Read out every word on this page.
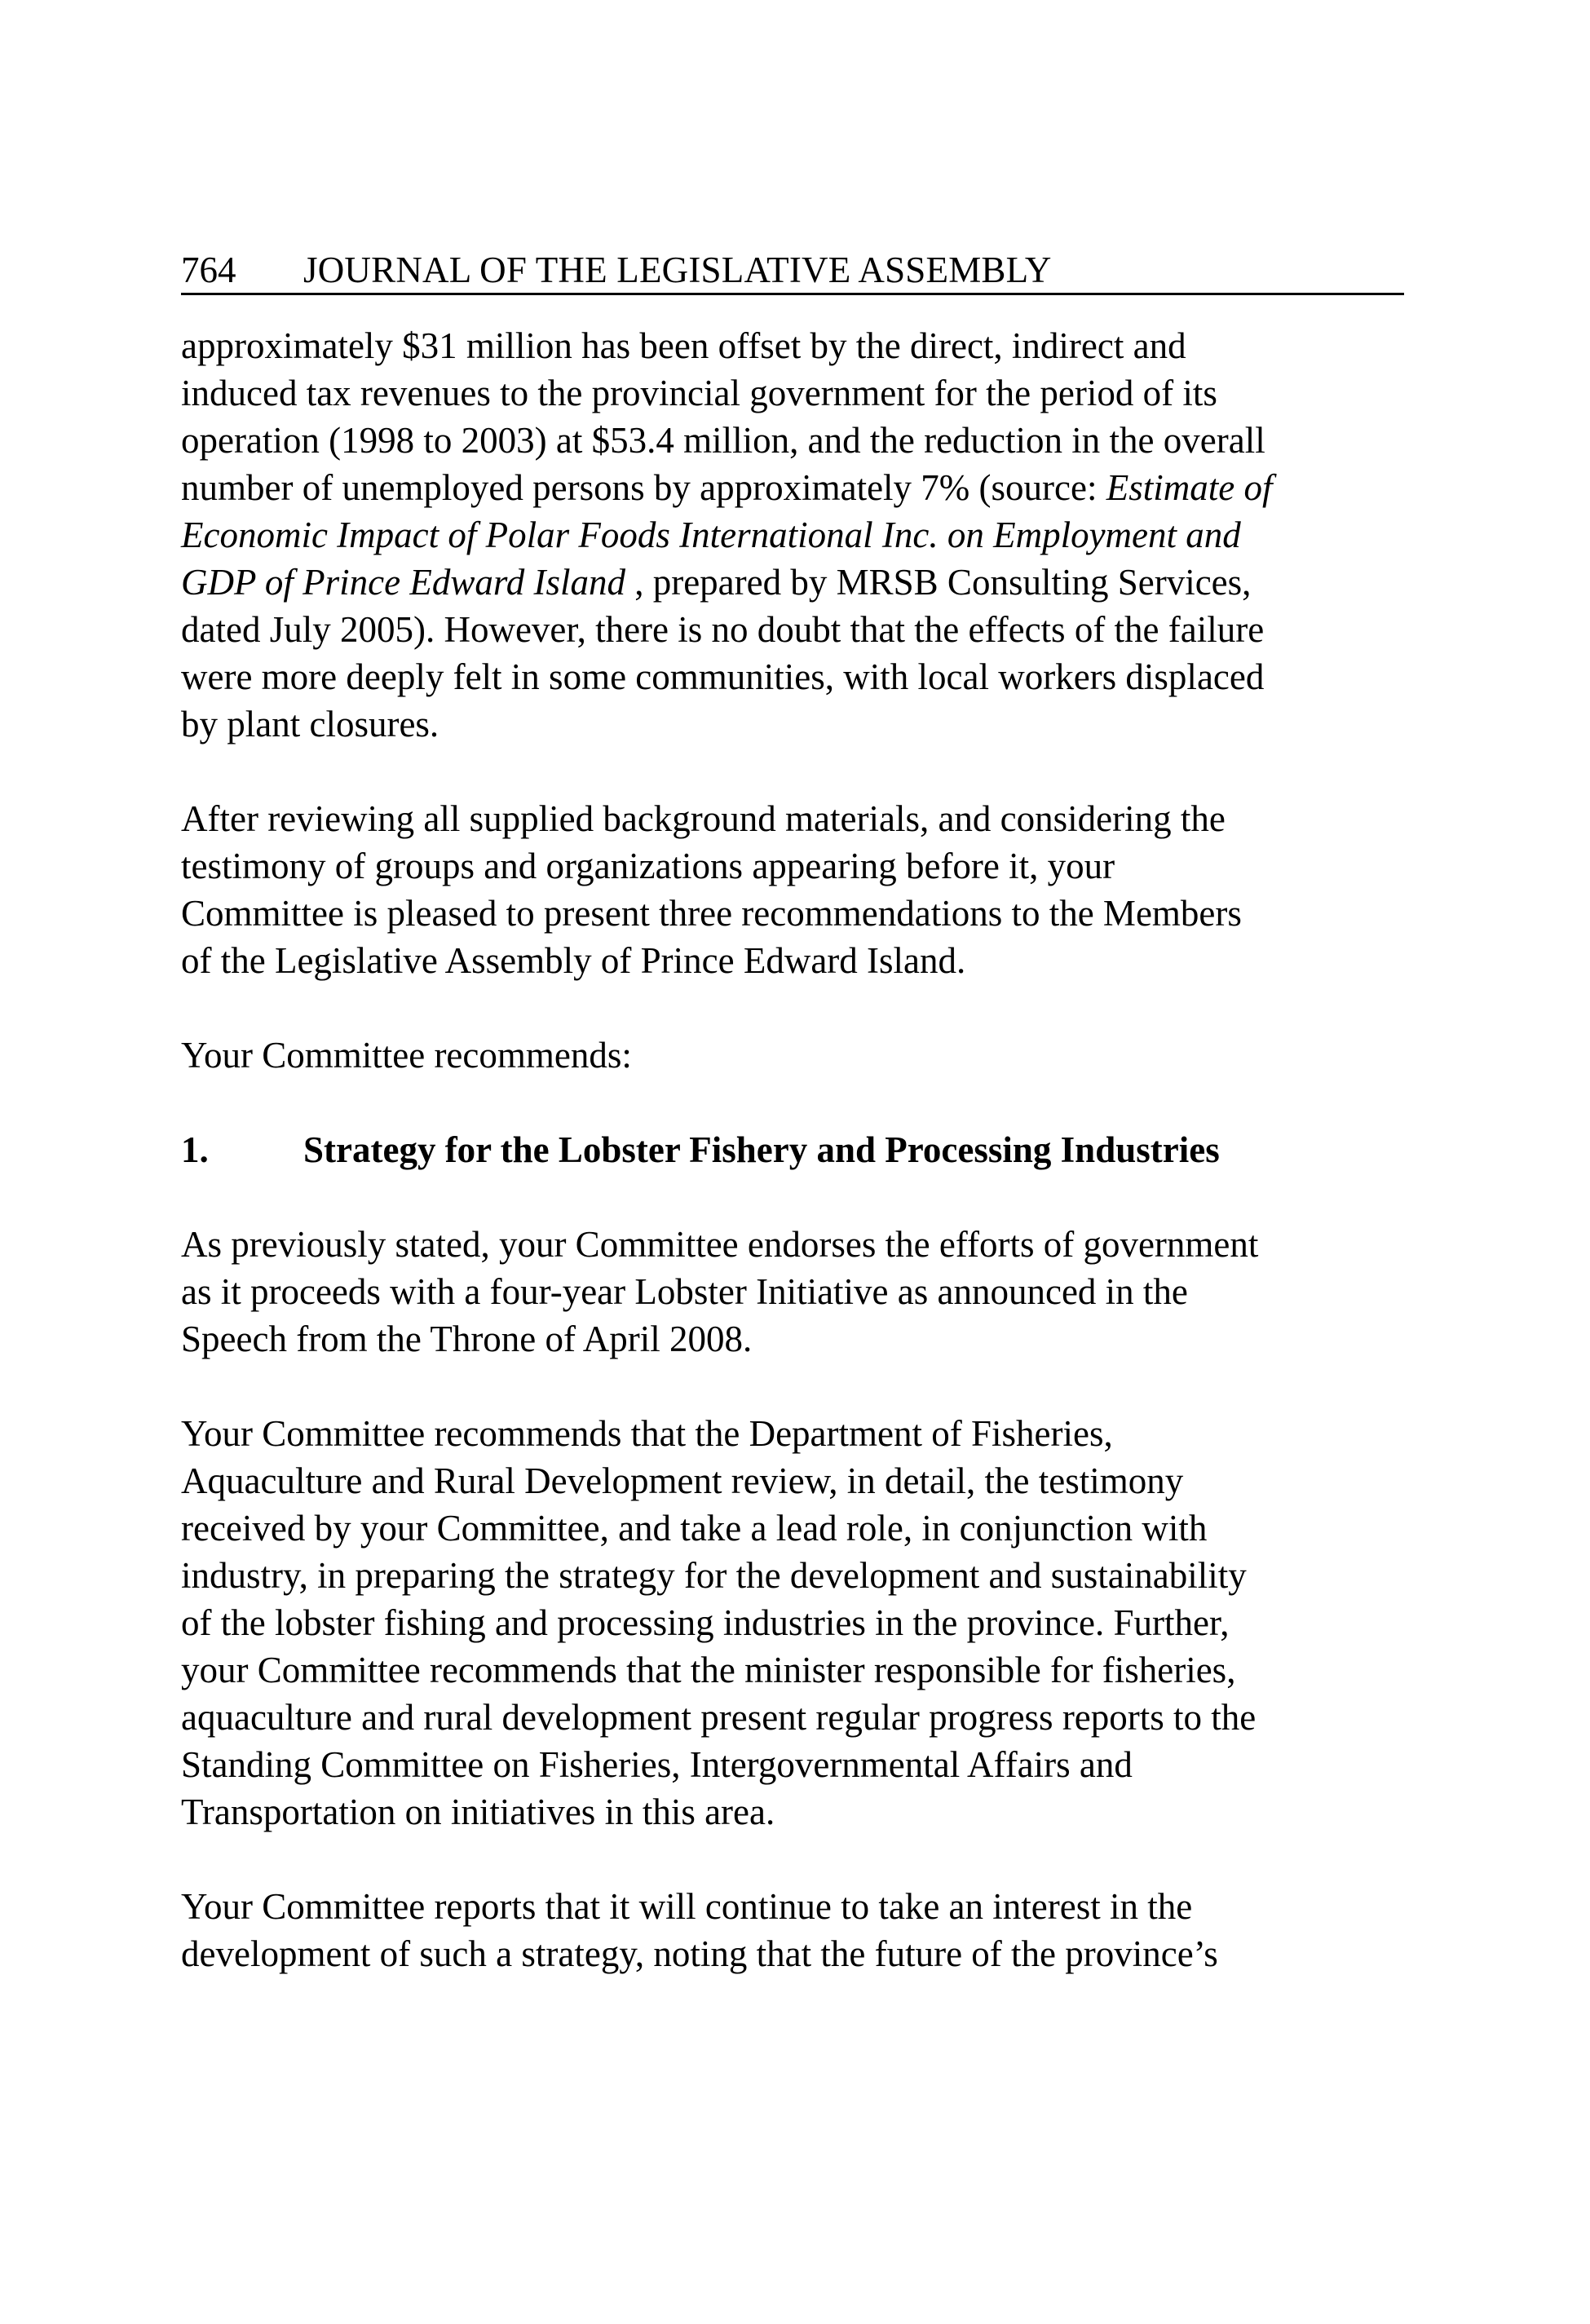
764	JOURNAL OF THE LEGISLATIVE ASSEMBLY
approximately $31 million has been offset by the direct, indirect and
induced tax revenues to the provincial government for the period of its
operation (1998 to 2003) at $53.4 million, and the reduction in the overall
number of unemployed persons by approximately 7% (source: Estimate of
Economic Impact of Polar Foods International Inc. on Employment and
GDP of Prince Edward Island , prepared by MRSB Consulting Services,
dated July 2005). However, there is no doubt that the effects of the failure
were more deeply felt in some communities, with local workers displaced
by plant closures.
After reviewing all supplied background materials, and considering the
testimony of groups and organizations appearing before it, your
Committee is pleased to present three recommendations to the Members
of the Legislative Assembly of Prince Edward Island.
Your Committee recommends:
1.	Strategy for the Lobster Fishery and Processing Industries
As previously stated, your Committee endorses the efforts of government
as it proceeds with a four-year Lobster Initiative as announced in the
Speech from the Throne of April 2008.
Your Committee recommends that the Department of Fisheries,
Aquaculture and Rural Development review, in detail, the testimony
received by your Committee, and take a lead role, in conjunction with
industry, in preparing the strategy for the development and sustainability
of the lobster fishing and processing industries in the province. Further,
your Committee recommends that the minister responsible for fisheries,
aquaculture and rural development present regular progress reports to the
Standing Committee on Fisheries, Intergovernmental Affairs and
Transportation on initiatives in this area.
Your Committee reports that it will continue to take an interest in the
development of such a strategy, noting that the future of the province’s
